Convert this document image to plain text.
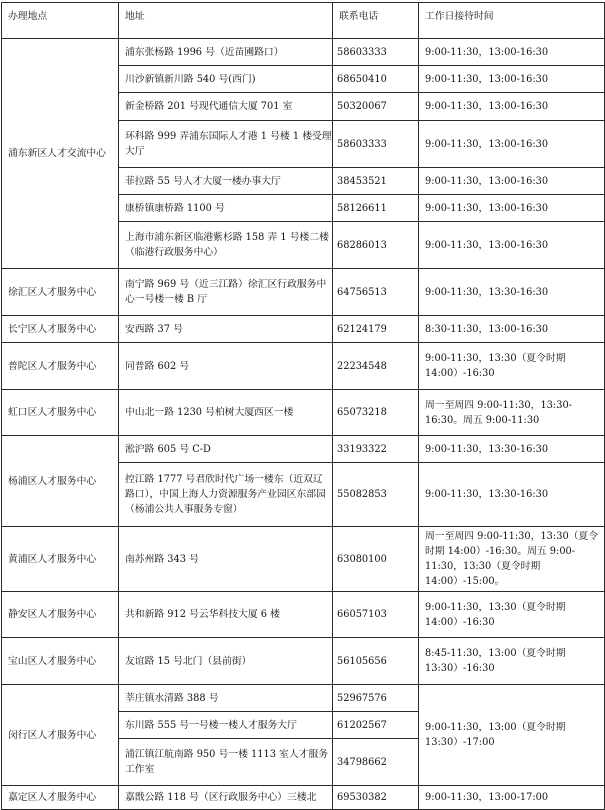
办理地点	地址	联系电话	工作日接待时间
浦东新区人才交流中心	浦东张杨路 1996 号（近苗圃路口）	58603333	9:00-11:30，13:00-16:30
	川沙新镇新川路 540 号(西门)	68650410	9:00-11:30，13:00-16:30
	新金桥路 201 号现代通信大厦 701 室	50320067	9:00-11:30，13:00-16:30
	环科路 999 弄浦东国际人才港 1 号楼 1 楼受理大厅	58603333	9:00-11:30，13:00-16:30
	菲拉路 55 号人才大厦一楼办事大厅	38453521	9:00-11:30，13:00-16:30
	康桥镇康桥路 1100 号	58126611	9:00-11:30，13:00-16:30
	上海市浦东新区临港紫杉路 158 弄 1 号楼二楼（临港行政服务中心）	68286013	9:00-11:30，13:00-16:30
徐汇区人才服务中心	南宁路 969 号（近三江路）徐汇区行政服务中心一号楼一楼 B 厅	64756513	9:00-11:30，13:30-16:30
长宁区人才服务中心	安西路 37 号	62124179	8:30-11:30，13:00-16:30
普陀区人才服务中心	同普路 602 号	22234548	9:00-11:30，13:30（夏令时期 14:00）-16:30
虹口区人才服务中心	中山北一路 1230 号柏树大厦西区一楼	65073218	周一至周四 9:00-11:30，13:30-16:30。周五 9:00-11:30
杨浦区人才服务中心	淞沪路 605 号 C-D	33193322	9:00-11:30，13:30-16:30
	控江路 1777 号君欣时代广场一楼东（近双辽路口），中国上海人力资源服务产业园区东部园（杨浦公共人事服务专窗）	55082853	9:00-11:30，13:30-16:30
黄浦区人才服务中心	南苏州路 343 号	63080100	周一至周四 9:00-11:30，13:30（夏令时期 14:00）-16:30。周五 9:00-11:30，13:30（夏令时期 14:00）-15:00。
静安区人才服务中心	共和新路 912 号云华科技大厦 6 楼	66057103	9:00-11:30，13:30（夏令时期 14:00）-16:30
宝山区人才服务中心	友谊路 15 号北门（县前街）	56105656	8:45-11:30，13:00（夏令时期 13:30）-16:30
闵行区人才服务中心	莘庄镇水清路 388 号	52967576	9:00-11:30，13:00（夏令时期 13:30）-17:00
	东川路 555 号一号楼一楼人才服务大厅	61202567	
	浦江镇江航南路 950 号一楼 1113 室人才服务工作室	34798662	
嘉定区人才服务中心	嘉戬公路 118 号（区行政服务中心）三楼北	69530382	9:00-11:30，13:00-17:00
